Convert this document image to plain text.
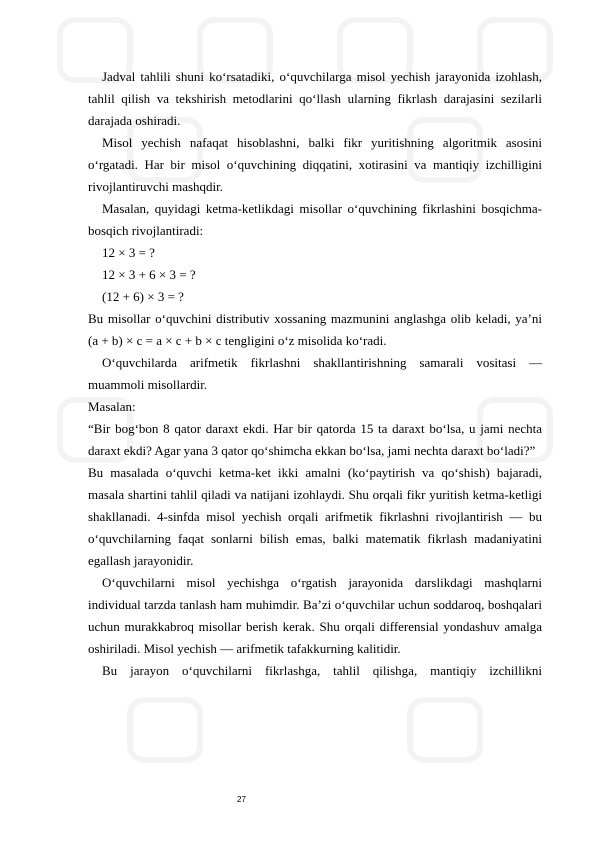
Jadval tahlili shuni ko‘rsatadiki, o‘quvchilarga misol yechish jarayonida izohlash, tahlil qilish va tekshirish metodlarini qo‘llash ularning fikrlash darajasini sezilarli darajada oshiradi.

Misol yechish nafaqat hisoblashni, balki fikr yuritishning algoritmik asosini o‘rgatadi. Har bir misol o‘quvchining diqqatini, xotirasini va mantiqiy izchilligini rivojlantiruvchi mashqdir.

Masalan, quyidagi ketma-ketlikdagi misollar o‘quvchining fikrlashini bosqichma-bosqich rivojlantiradi:

12 × 3 = ?

12 × 3 + 6 × 3 = ?

(12 + 6) × 3 = ?

Bu misollar o‘quvchini distributiv xossaning mazmunini anglashga olib keladi, ya’ni (a + b) × c = a × c + b × c tengligini o‘z misolida ko‘radi.

O‘quvchilarda arifmetik fikrlashni shakllantirishning samarali vositasi — muammoli misollardir.

Masalan:

“Bir bog‘bon 8 qator daraxt ekdi. Har bir qatorda 15 ta daraxt bo‘lsa, u jami nechta daraxt ekdi? Agar yana 3 qator qo‘shimcha ekkan bo‘lsa, jami nechta daraxt bo‘ladi?”

Bu masalada o‘quvchi ketma-ket ikki amalni (ko‘paytirish va qo‘shish) bajaradi, masala shartini tahlil qiladi va natijani izohlaydi. Shu orqali fikr yuritish ketma-ketligi shakllanadi. 4-sinfda misol yechish orqali arifmetik fikrlashni rivojlantirish — bu o‘quvchilarning faqat sonlarni bilish emas, balki matematik fikrlash madaniyatini egallash jarayonidir.

O‘quvchilarni misol yechishga o‘rgatish jarayonida darslikdagi mashqlarni individual tarzda tanlash ham muhimdir. Ba’zi o‘quvchilar uchun soddaroq, boshqalari uchun murakkabroq misollar berish kerak. Shu orqali differensial yondashuv amalga oshiriladi. Misol yechish — arifmetik tafakkurning kalitidir.

Bu jarayon o‘quvchilarni fikrlashga, tahlil qilishga, mantiqiy izchillikni

27
